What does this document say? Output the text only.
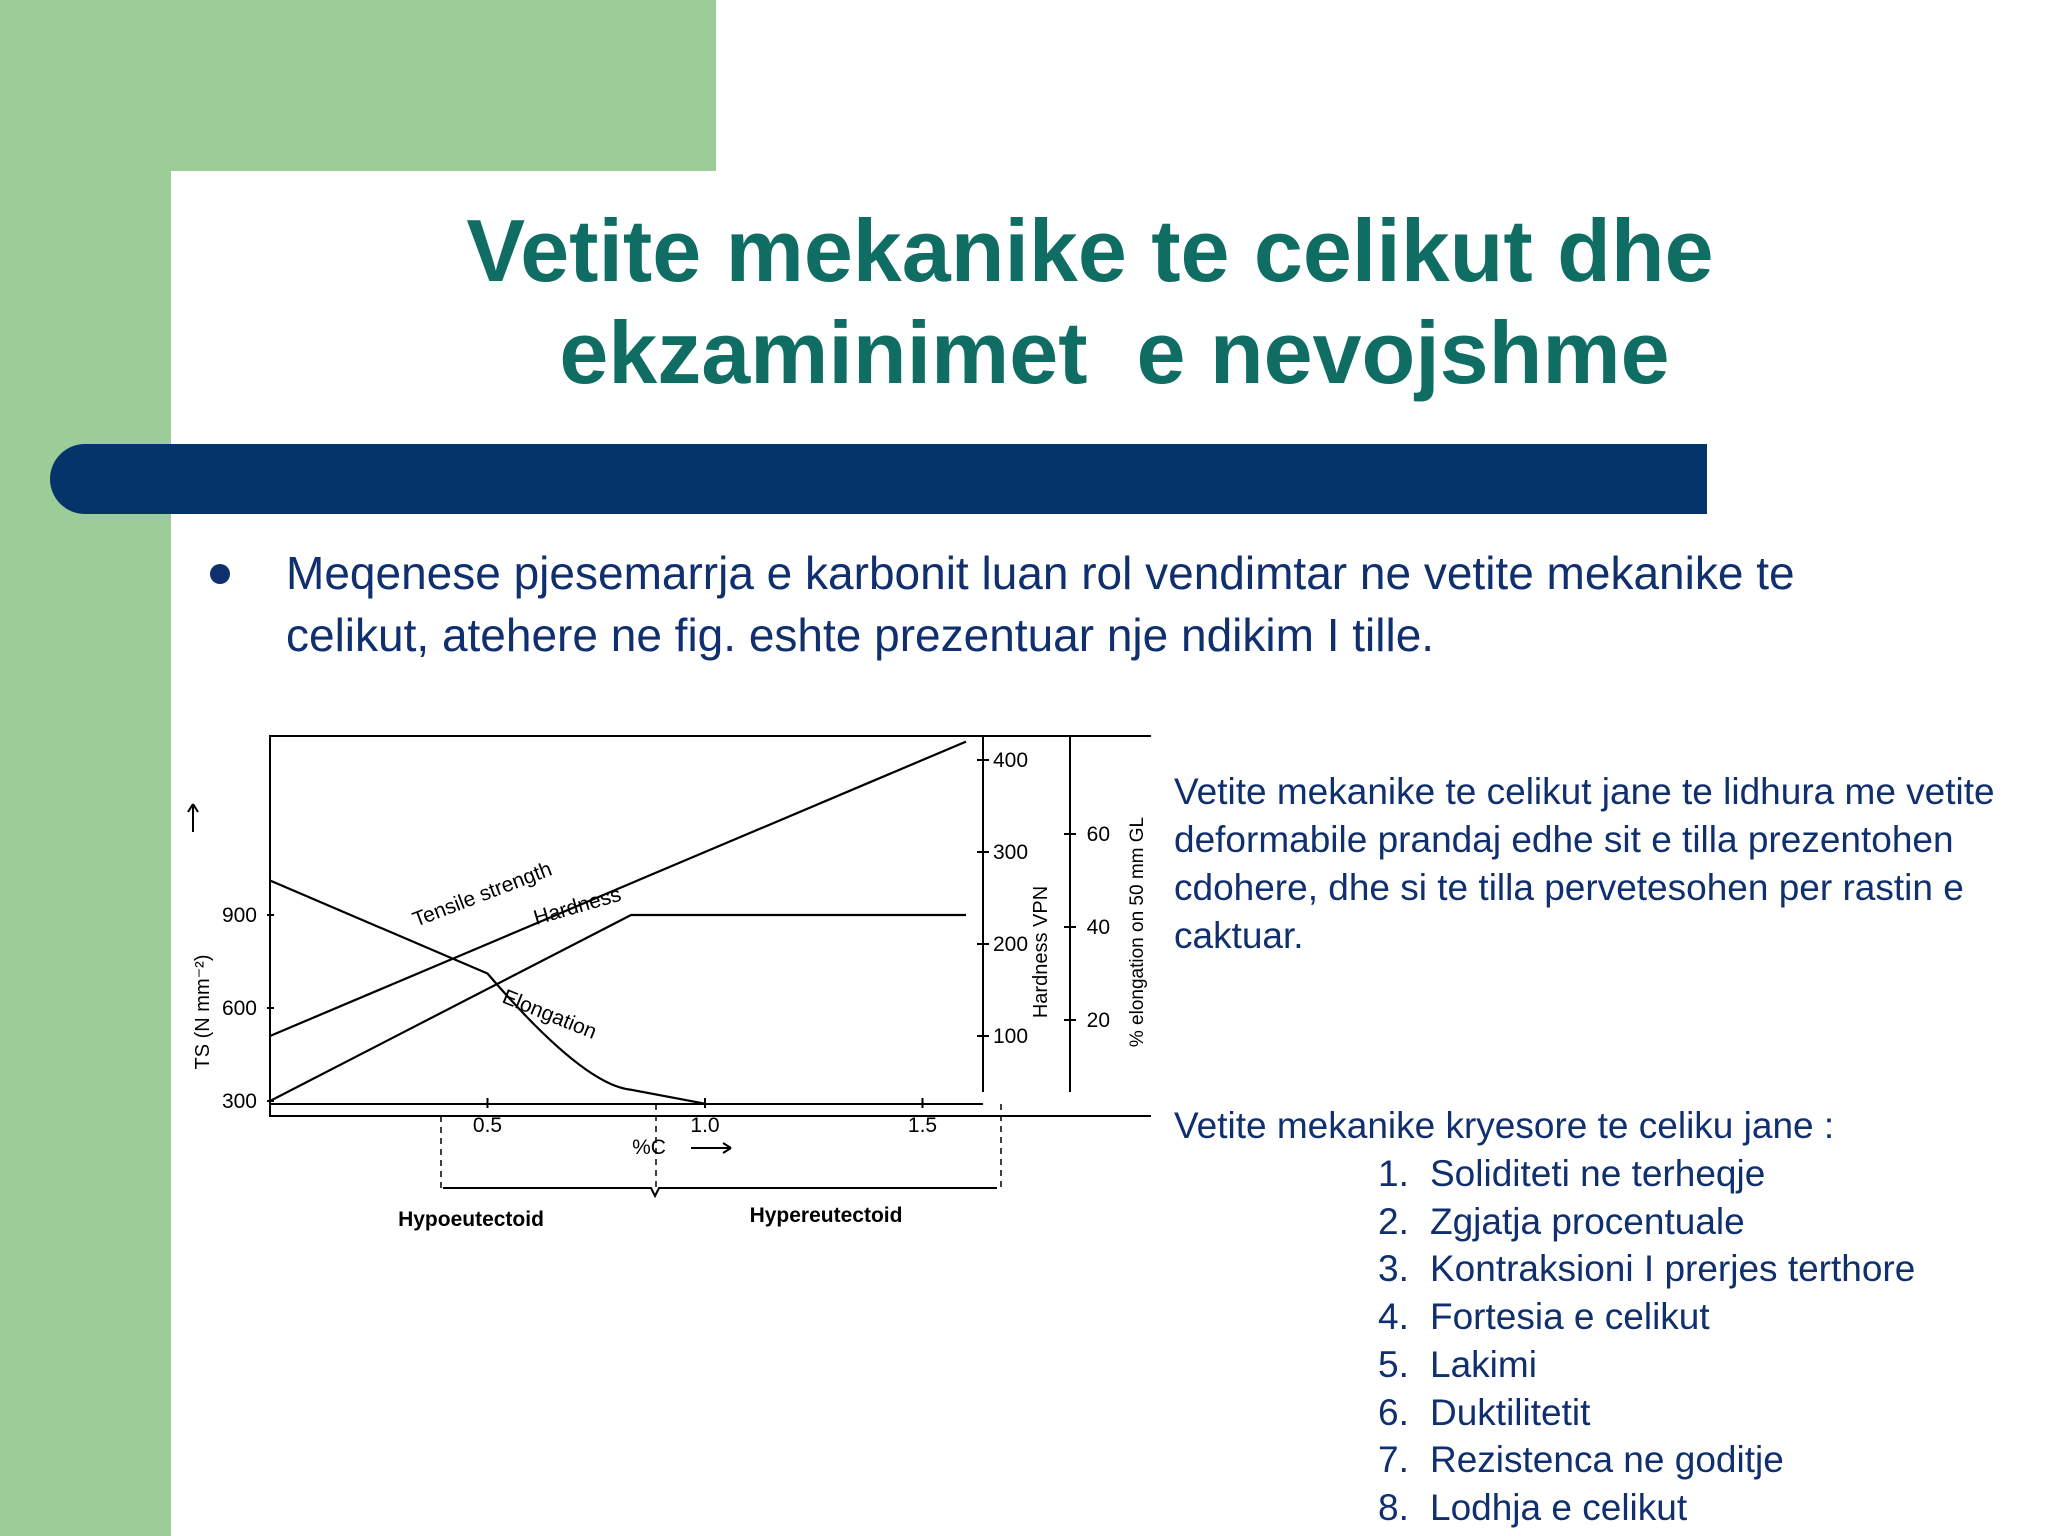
Vetite mekanike te celikut dhe
ekzaminimet  e nevojshme
Meqenese pjesemarrja e karbonit luan rol vendimtar ne vetite mekanike te celikut, atehere ne fig. eshte prezentuar nje ndikim I tille.
Tensile strength
Hardness
Elongation
900
600
300
0.5	1.0	1.5
400
300
200
100
60
40
20
%C
TS (N mm⁻²)	Hardness VPN	% elongation on 50 mm GL
Hypoeutectoid	Hypereutectoid
Vetite mekanike te celikut jane te lidhura me vetite deformabile prandaj edhe sit e tilla prezentohen cdohere, dhe si te tilla pervetesohen per rastin e caktuar.
Vetite mekanike kryesore te celiku jane :
1. Soliditeti ne terheqje
2. Zgjatja procentuale
3. Kontraksioni I prerjes terthore
4. Fortesia e celikut
5. Lakimi
6. Duktilitetit
7. Rezistenca ne goditje
8. Lodhja e celikut
